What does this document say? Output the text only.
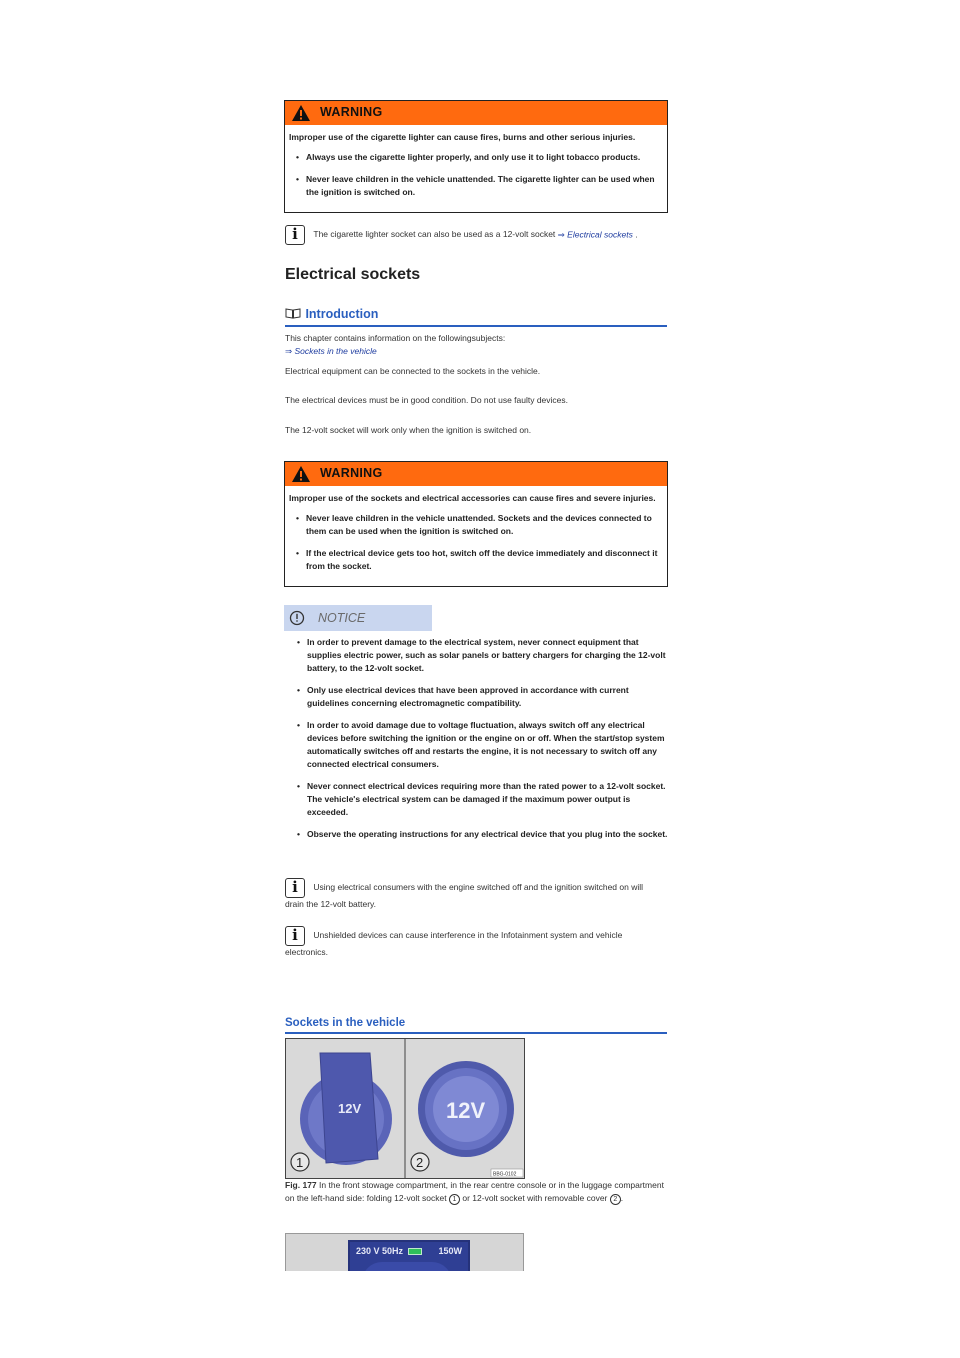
WARNING
Improper use of the cigarette lighter can cause fires, burns and other serious injuries.
• Always use the cigarette lighter properly, and only use it to light tobacco products.
• Never leave children in the vehicle unattended. The cigarette lighter can be used when the ignition is switched on.
i	The cigarette lighter socket can also be used as a 12-volt socket ⇒ Electrical sockets .
Electrical sockets
Introduction
This chapter contains information on the followingsubjects:
⇒ Sockets in the vehicle
Electrical equipment can be connected to the sockets in the vehicle.
The electrical devices must be in good condition. Do not use faulty devices.
The 12-volt socket will work only when the ignition is switched on.
WARNING
Improper use of the sockets and electrical accessories can cause fires and severe injuries.
• Never leave children in the vehicle unattended. Sockets and the devices connected to them can be used when the ignition is switched on.
• If the electrical device gets too hot, switch off the device immediately and disconnect it from the socket.
NOTICE
• In order to prevent damage to the electrical system, never connect equipment that supplies electric power, such as solar panels or battery chargers for charging the 12-volt battery, to the 12-volt socket.
• Only use electrical devices that have been approved in accordance with current guidelines concerning electromagnetic compatibility.
• In order to avoid damage due to voltage fluctuation, always switch off any electrical devices before switching the ignition or the engine on or off. When the start/stop system automatically switches off and restarts the engine, it is not necessary to switch off any connected electrical consumers.
• Never connect electrical devices requiring more than the rated power to a 12-volt socket. The vehicle's electrical system can be damaged if the maximum power output is exceeded.
• Observe the operating instructions for any electrical device that you plug into the socket.
i	Using electrical consumers with the engine switched off and the ignition switched on will drain the 12-volt battery.
i	Unshielded devices can cause interference in the Infotainment system and vehicle electronics.
Sockets in the vehicle
12V
1
12V
2
BBG-0102
Fig. 177 In the front stowage compartment, in the rear centre console or in the luggage compartment on the left-hand side: folding 12-volt socket 1 or 12-volt socket with removable cover 2 .
230 V 50Hz	150W
